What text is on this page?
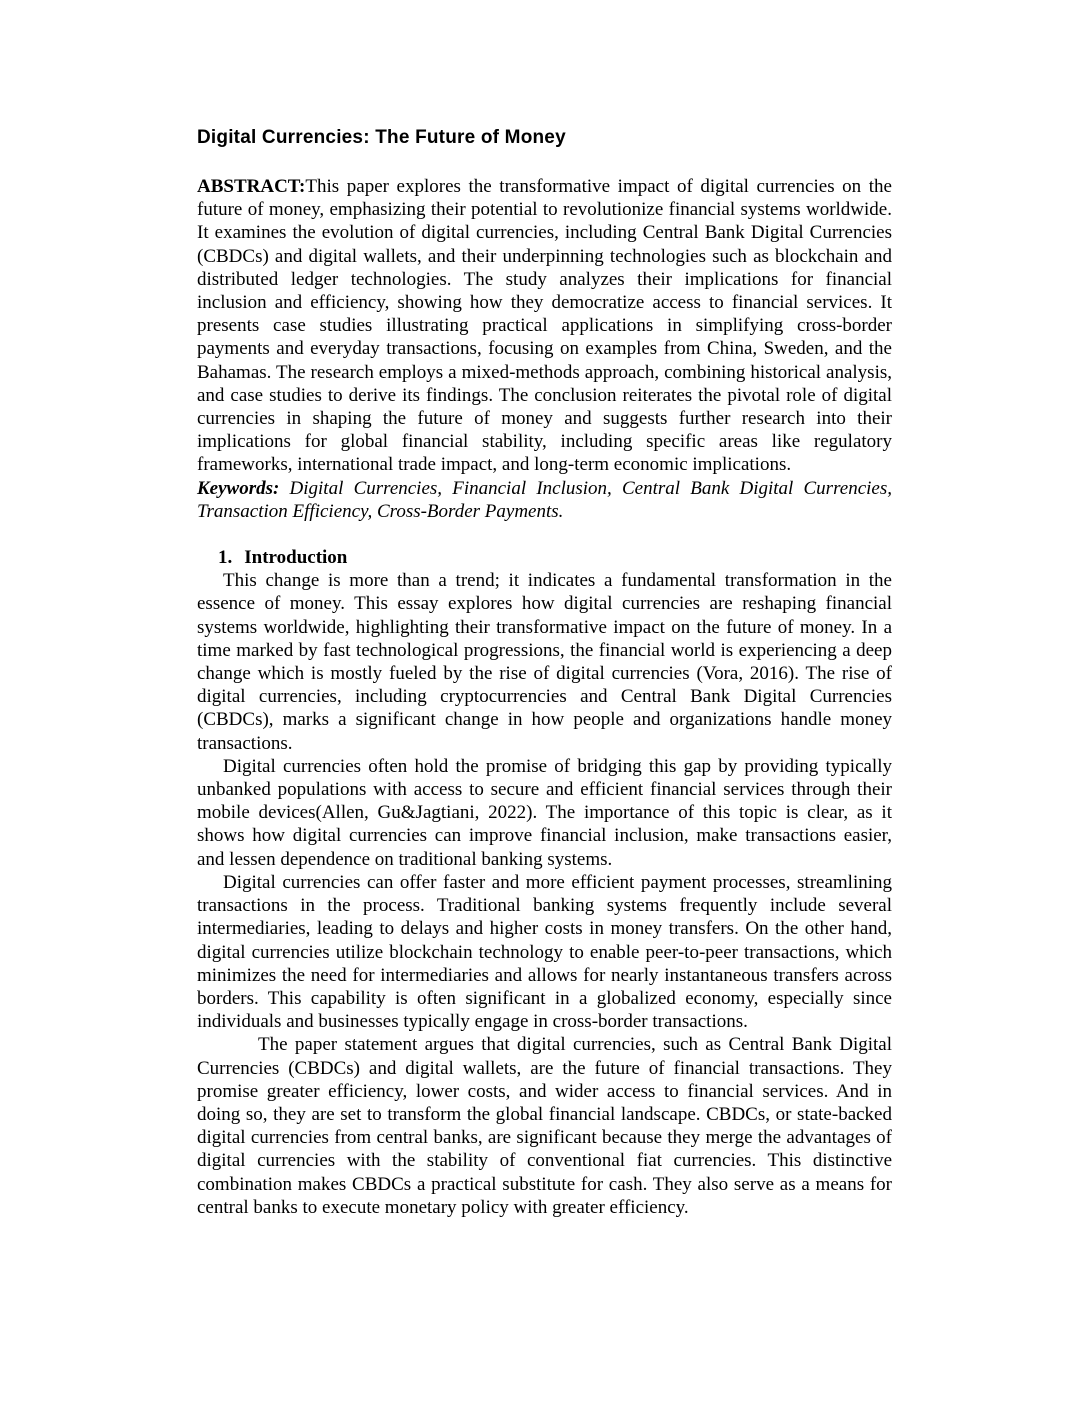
Digital Currencies: The Future of Money

ABSTRACT:This paper explores the transformative impact of digital currencies on the future of money, emphasizing their potential to revolutionize financial systems worldwide. It examines the evolution of digital currencies, including Central Bank Digital Currencies (CBDCs) and digital wallets, and their underpinning technologies such as blockchain and distributed ledger technologies. The study analyzes their implications for financial inclusion and efficiency, showing how they democratize access to financial services. It presents case studies illustrating practical applications in simplifying cross-border payments and everyday transactions, focusing on examples from China, Sweden, and the Bahamas. The research employs a mixed-methods approach, combining historical analysis, and case studies to derive its findings. The conclusion reiterates the pivotal role of digital currencies in shaping the future of money and suggests further research into their implications for global financial stability, including specific areas like regulatory frameworks, international trade impact, and long-term economic implications.

Keywords: Digital Currencies, Financial Inclusion, Central Bank Digital Currencies, Transaction Efficiency, Cross-Border Payments.

1. Introduction

This change is more than a trend; it indicates a fundamental transformation in the essence of money. This essay explores how digital currencies are reshaping financial systems worldwide, highlighting their transformative impact on the future of money. In a time marked by fast technological progressions, the financial world is experiencing a deep change which is mostly fueled by the rise of digital currencies (Vora, 2016). The rise of digital currencies, including cryptocurrencies and Central Bank Digital Currencies (CBDCs), marks a significant change in how people and organizations handle money transactions.

Digital currencies often hold the promise of bridging this gap by providing typically unbanked populations with access to secure and efficient financial services through their mobile devices(Allen, Gu&Jagtiani, 2022). The importance of this topic is clear, as it shows how digital currencies can improve financial inclusion, make transactions easier, and lessen dependence on traditional banking systems.

Digital currencies can offer faster and more efficient payment processes, streamlining transactions in the process. Traditional banking systems frequently include several intermediaries, leading to delays and higher costs in money transfers. On the other hand, digital currencies utilize blockchain technology to enable peer-to-peer transactions, which minimizes the need for intermediaries and allows for nearly instantaneous transfers across borders. This capability is often significant in a globalized economy, especially since individuals and businesses typically engage in cross-border transactions.

The paper statement argues that digital currencies, such as Central Bank Digital Currencies (CBDCs) and digital wallets, are the future of financial transactions. They promise greater efficiency, lower costs, and wider access to financial services. And in doing so, they are set to transform the global financial landscape. CBDCs, or state-backed digital currencies from central banks, are significant because they merge the advantages of digital currencies with the stability of conventional fiat currencies. This distinctive combination makes CBDCs a practical substitute for cash. They also serve as a means for central banks to execute monetary policy with greater efficiency.
